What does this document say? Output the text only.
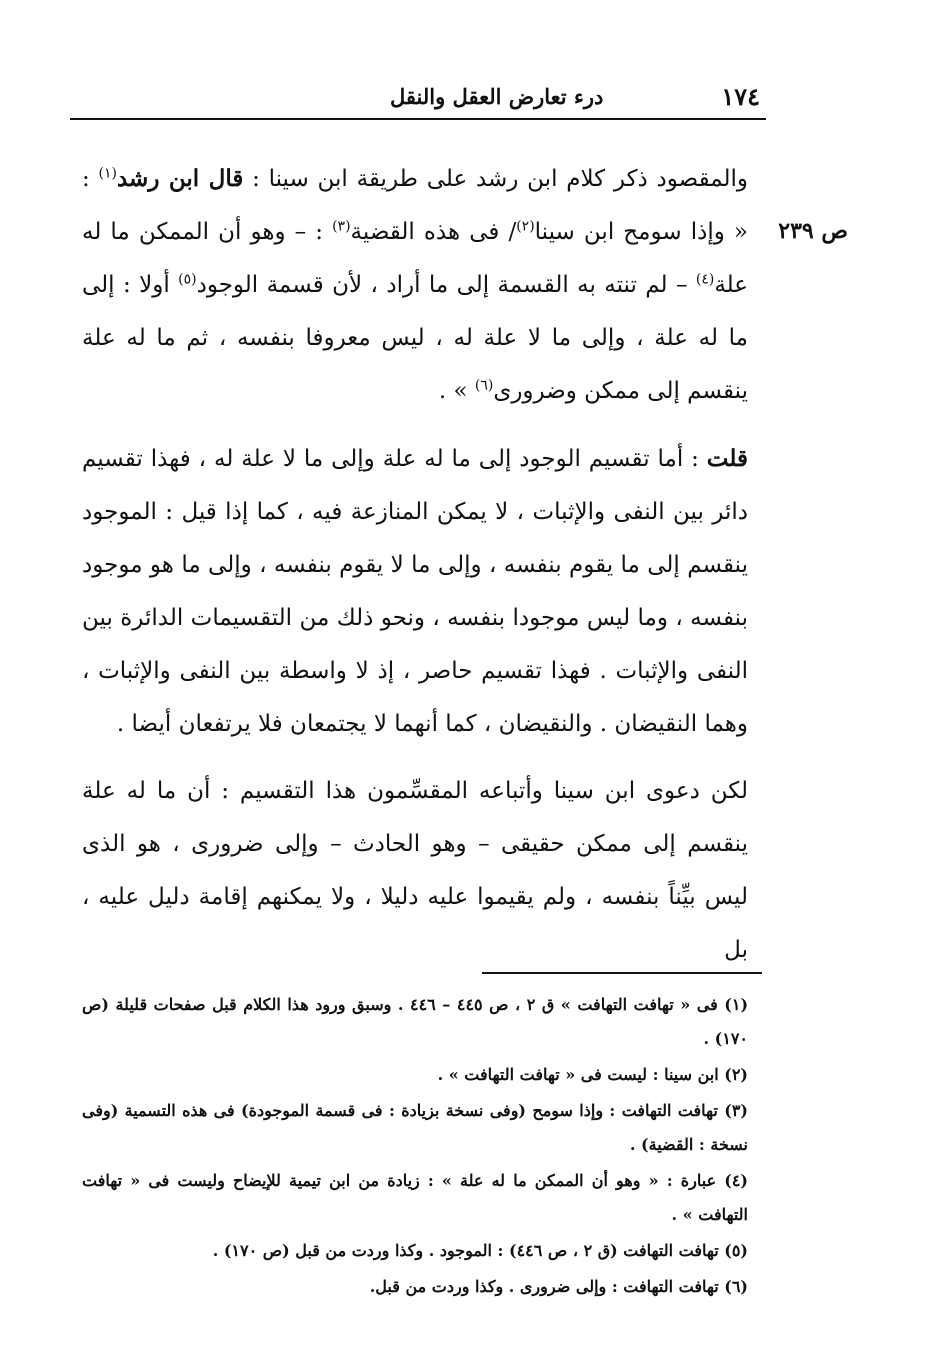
١٧٤
درء تعارض العقل والنقل
ص ٢٣٩

والمقصود ذكر كلام ابن رشد على طريقة ابن سينا : قال ابن رشد$^{(١)}$ : « وإذا سومح ابن سينا$^{(٢)}$/ فى هذه القضية$^{(٣)}$ : – وهو أن الممكن ما له علة$^{(٤)}$ – لم تنته به القسمة إلى ما أراد ، لأن قسمة الوجود$^{(٥)}$ أولا : إلى ما له علة ، وإلى ما لا علة له ، ليس معروفا بنفسه ، ثم ما له علة ينقسم إلى ممكن وضرورى$^{(٦)}$ » .

قلت : أما تقسيم الوجود إلى ما له علة وإلى ما لا علة له ، فهذا تقسيم دائر بين النفى والإثبات ، لا يمكن المنازعة فيه ، كما إذا قيل : الموجود ينقسم إلى ما يقوم بنفسه ، وإلى ما لا يقوم بنفسه ، وإلى ما هو موجود بنفسه ، وما ليس موجودا بنفسه ، ونحو ذلك من التقسيمات الدائرة بين النفى والإثبات . فهذا تقسيم حاصر ، إذ لا واسطة بين النفى والإثبات ، وهما النقيضان . والنقيضان ، كما أنهما لا يجتمعان فلا يرتفعان أيضا .

لكن دعوى ابن سينا وأتباعه المقسِّمون هذا التقسيم : أن ما له علة ينقسم إلى ممكن حقيقى – وهو الحادث – وإلى ضرورى ، هو الذى ليس بيِّناً بنفسه ، ولم يقيموا عليه دليلا ، ولا يمكنهم إقامة دليل عليه ، بل

(١) فى « تهافت التهافت » ق ٢ ، ص ٤٤٥ – ٤٤٦ . وسبق ورود هذا الكلام قبل صفحات قليلة (ص ١٧٠) .

(٢) ابن سينا : ليست فى « تهافت التهافت » .

(٣) تهافت التهافت : وإذا سومح (وفى نسخة بزيادة : فى قسمة الموجودة) فى هذه التسمية (وفى نسخة : القضية) .

(٤) عبارة : « وهو أن الممكن ما له علة » : زيادة من ابن تيمية للإيضاح وليست فى « تهافت التهافت » .

(٥) تهافت التهافت (ق ٢ ، ص ٤٤٦) : الموجود . وكذا وردت من قبل (ص ١٧٠) .

(٦) تهافت التهافت : وإلى ضرورى . وكذا وردت من قبل.
